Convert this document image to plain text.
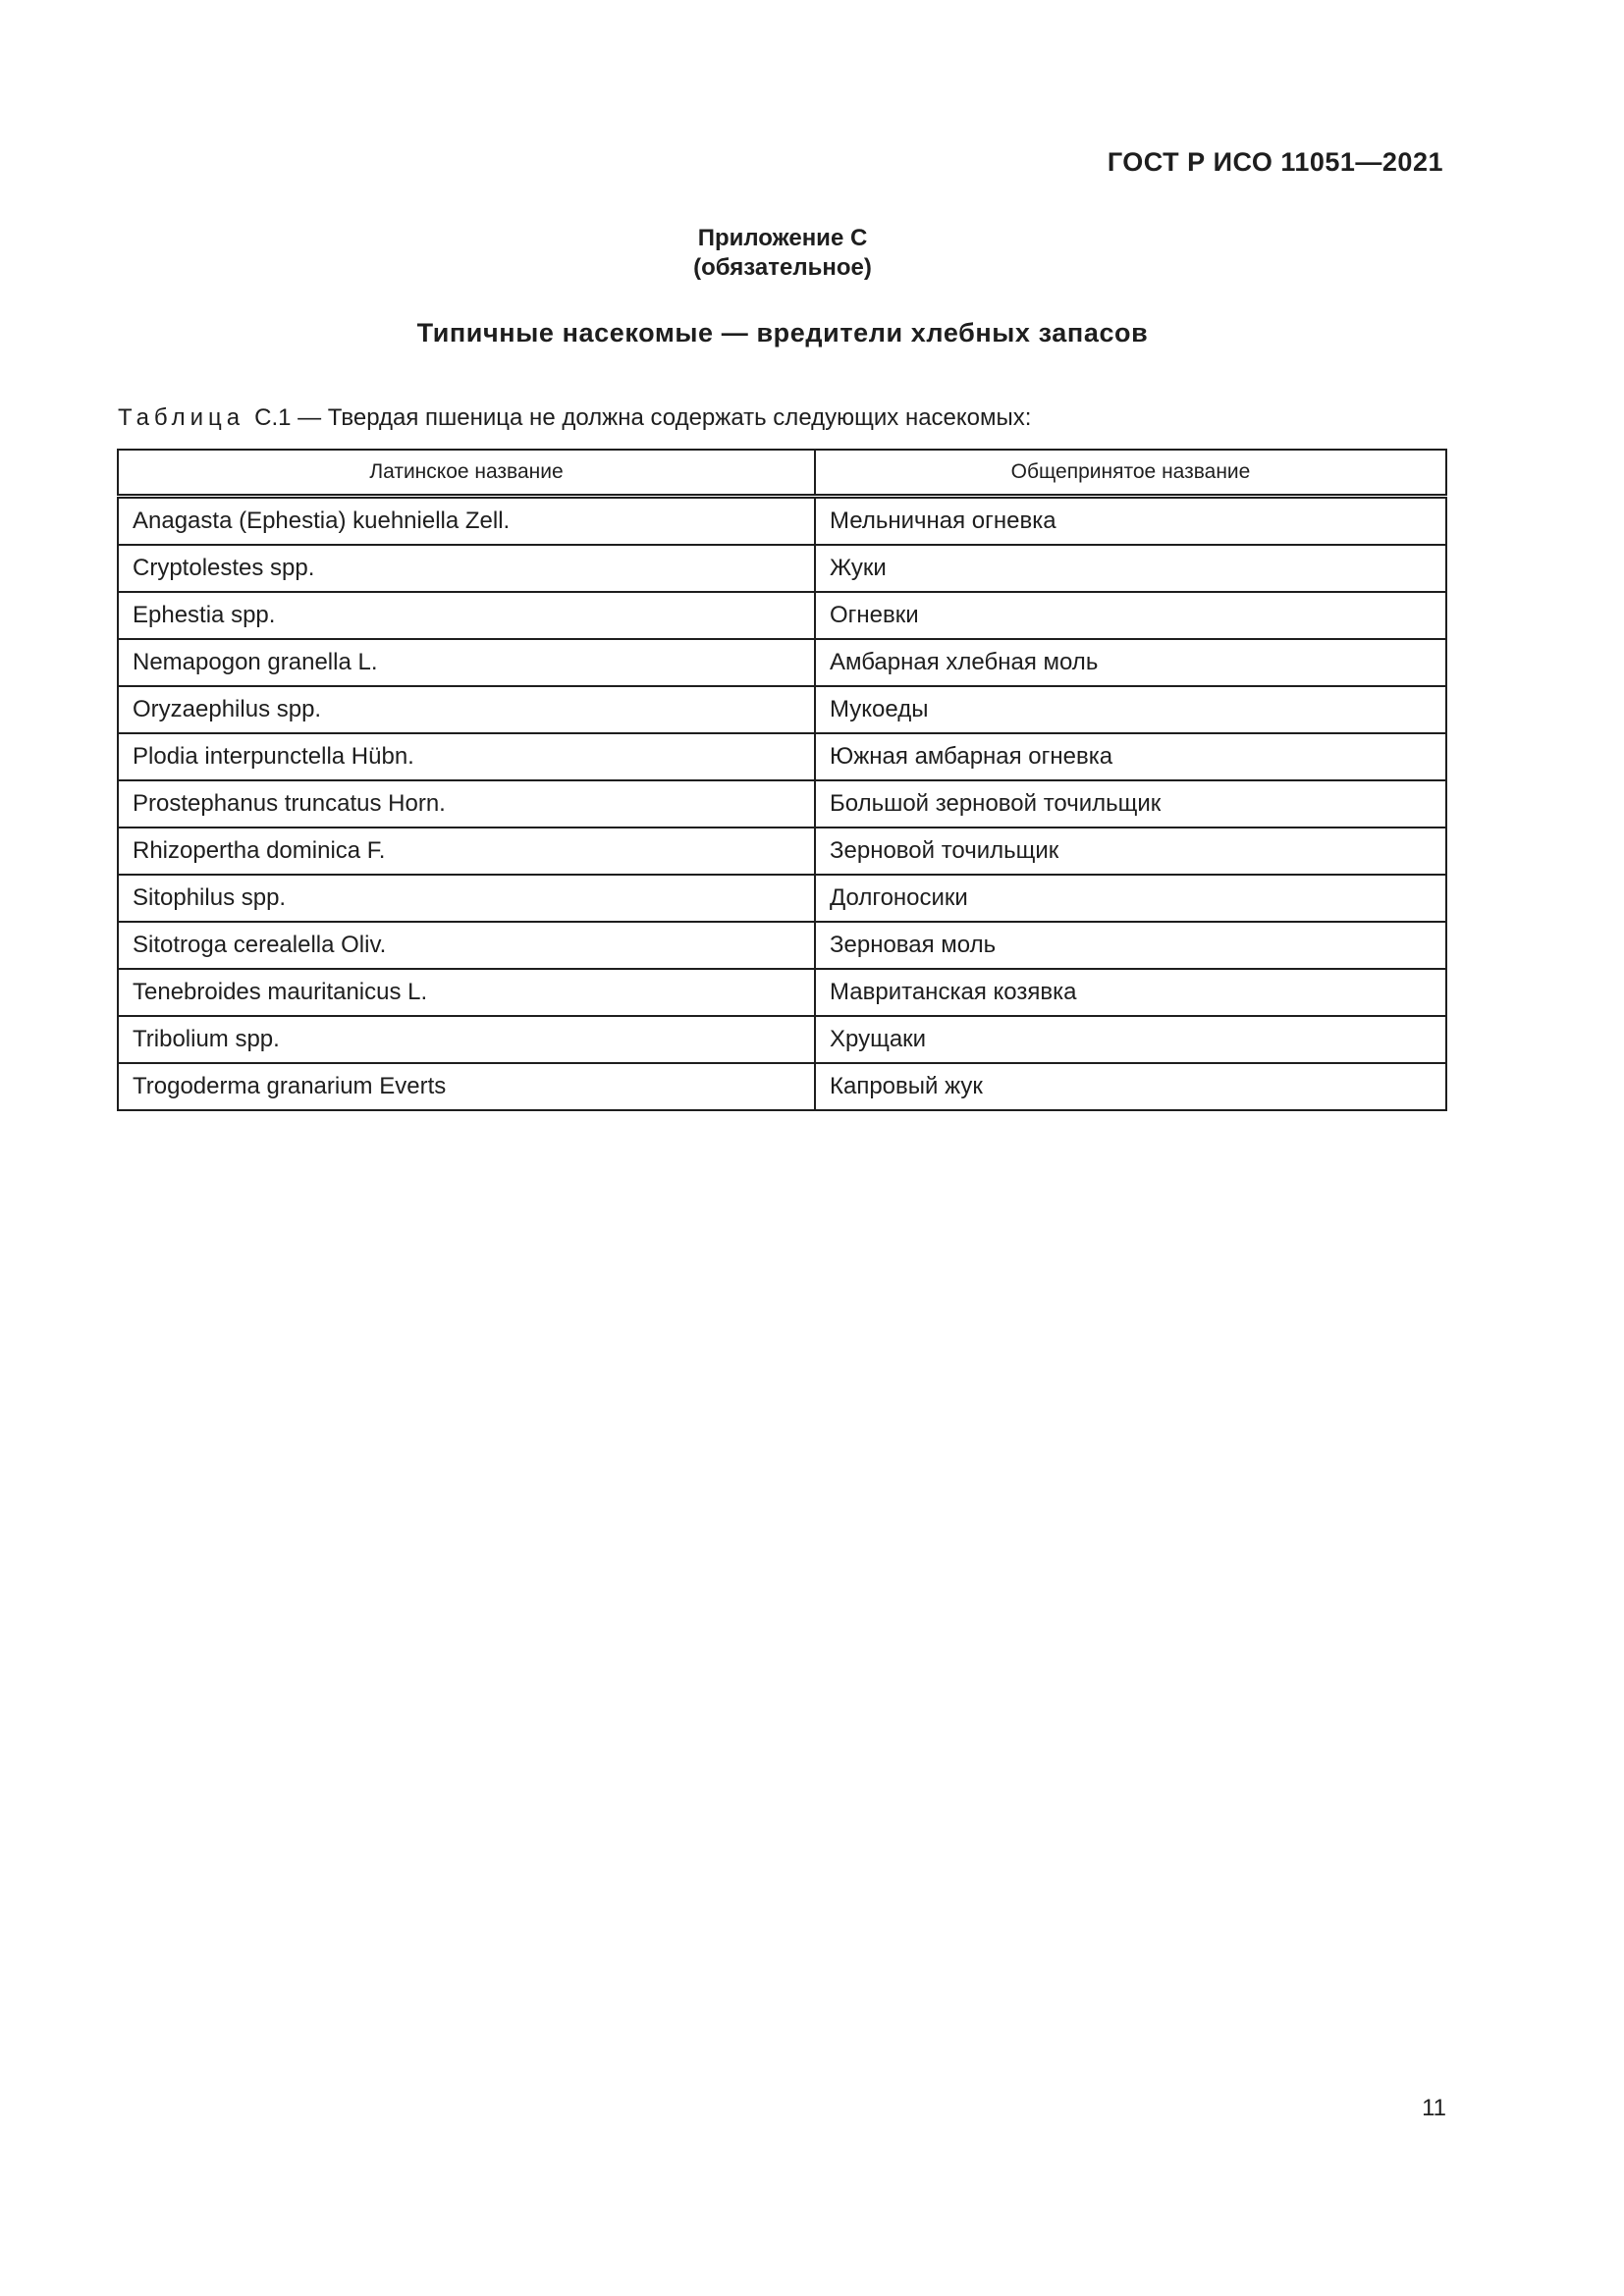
ГОСТ Р ИСО 11051—2021
Приложение С
(обязательное)
Типичные насекомые — вредители хлебных запасов
Таблица С.1 — Твердая пшеница не должна содержать следующих насекомых:
Латинское название	Общепринятое название
Anagasta (Ephestia) kuehniella Zell.	Мельничная огневка
Cryptolestes spp.	Жуки
Ephestia spp.	Огневки
Nemapogon granella L.	Амбарная хлебная моль
Oryzaephilus spp.	Мукоеды
Plodia interpunctella Hübn.	Южная амбарная огневка
Prostephanus truncatus Horn.	Большой зерновой точильщик
Rhizopertha dominica F.	Зерновой точильщик
Sitophilus spp.	Долгоносики
Sitotroga cerealella Oliv.	Зерновая моль
Tenebroides mauritanicus L.	Мавританская козявка
Tribolium spp.	Хрущаки
Trogoderma granarium Everts	Капровый жук
11
